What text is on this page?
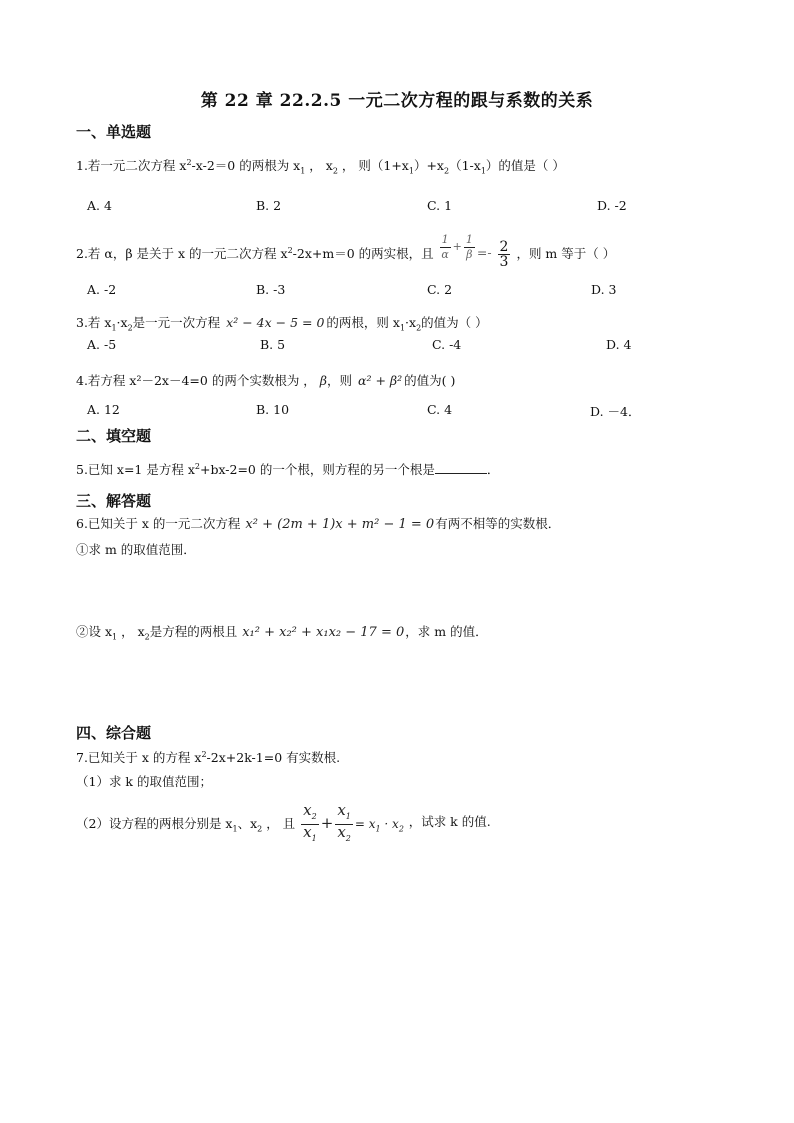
第 22 章 22.2.5 一元二次方程的跟与系数的关系
一、单选题
1.若一元二次方程 $x^2-x-2=0$ 的两根为 $x_1$ ， $x_2$ ， 则$(1+x_1)+x_2(1-x_1)$的值是（ ）
A. 4	B. 2	C. 1	D. -2
2.若 α，β 是关于 x 的一元二次方程 $x^2-2x+m=0$ 的两实根，且 $\frac{1}{\alpha} + \frac{1}{\beta} =- \frac{2}{3}$ ，则 m 等于（ ）
A. -2	B. -3	C. 2	D. 3
3.若 $x_1\cdot x_2$是一元一次方程 x² − 4x − 5 = 0 的两根，则 $x_1\cdot x_2$的值为（ ）
A. -5	B. 5	C. -4	D. 4
4.若方程 x²－2x－4=0 的两个实数根为 ， β，则 α² + β² 的值为( )
A. 12	B. 10	C. 4	D. －4．
二、填空题
5.已知 x=1 是方程 $x^2+bx-2=0$ 的一个根，则方程的另一个根是	．
三、解答题
6.已知关于 x 的一元二次方程 x² + (2m + 1)x + m² − 1 = 0有两不相等的实数根．
①求 m 的取值范围．
②设 $x_1$ ， $x_2$是方程的两根且 x₁² + x₂² + x₁x₂ − 17 = 0，求 m 的值．
四、综合题
7.已知关于 x 的方程 $x^2-2x+2k-1=0$ 有实数根.
（1）求 k 的取值范围；
（2）设方程的两根分别是 $x_1$、$x_2$ ， 且 $\frac{x_2}{x_1} + \frac{x_1}{x_2} = x_1 \cdot x_2$ ，试求 k 的值.
